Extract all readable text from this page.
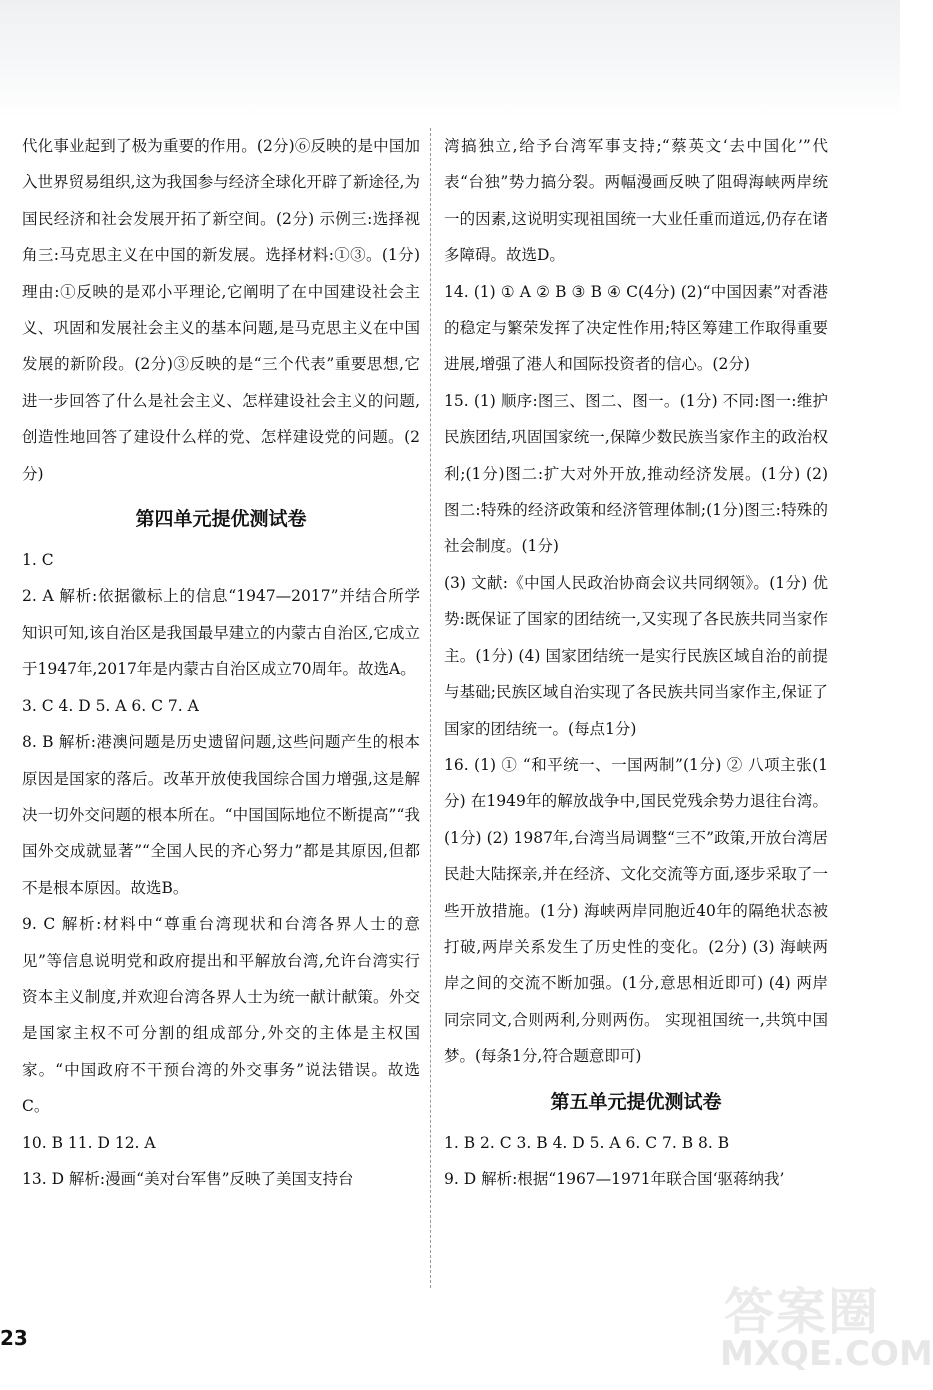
代化事业起到了极为重要的作用。(2分)⑥反映的是中国加入世界贸易组织,这为我国参与经济全球化开辟了新途径,为国民经济和社会发展开拓了新空间。(2分) 示例三:选择视角三:马克思主义在中国的新发展。选择材料:①③。(1分)理由:①反映的是邓小平理论,它阐明了在中国建设社会主义、巩固和发展社会主义的基本问题,是马克思主义在中国发展的新阶段。(2分)③反映的是“三个代表”重要思想,它进一步回答了什么是社会主义、怎样建设社会主义的问题,创造性地回答了建设什么样的党、怎样建设党的问题。(2分)

第四单元提优测试卷

1. C

2. A 解析:依据徽标上的信息“1947—2017”并结合所学知识可知,该自治区是我国最早建立的内蒙古自治区,它成立于1947年,2017年是内蒙古自治区成立70周年。故选A。

3. C 4. D 5. A 6. C 7. A

8. B 解析:港澳问题是历史遗留问题,这些问题产生的根本原因是国家的落后。改革开放使我国综合国力增强,这是解决一切外交问题的根本所在。“中国国际地位不断提高”“我国外交成就显著”“全国人民的齐心努力”都是其原因,但都不是根本原因。故选B。

9. C 解析:材料中“尊重台湾现状和台湾各界人士的意见”等信息说明党和政府提出和平解放台湾,允许台湾实行资本主义制度,并欢迎台湾各界人士为统一献计献策。外交是国家主权不可分割的组成部分,外交的主体是主权国家。“中国政府不干预台湾的外交事务”说法错误。故选C。

10. B 11. D 12. A

13. D 解析:漫画“美对台军售”反映了美国支持台

湾搞独立,给予台湾军事支持;“蔡英文‘去中国化’”代表“台独”势力搞分裂。两幅漫画反映了阻碍海峡两岸统一的因素,这说明实现祖国统一大业任重而道远,仍存在诸多障碍。故选D。

14. (1) ① A ② B ③ B ④ C(4分) (2)“中国因素”对香港的稳定与繁荣发挥了决定性作用;特区筹建工作取得重要进展,增强了港人和国际投资者的信心。(2分)

15. (1) 顺序:图三、图二、图一。(1分) 不同:图一:维护民族团结,巩固国家统一,保障少数民族当家作主的政治权利;(1分)图二:扩大对外开放,推动经济发展。(1分) (2) 图二:特殊的经济政策和经济管理体制;(1分)图三:特殊的社会制度。(1分)

(3) 文献:《中国人民政治协商会议共同纲领》。(1分) 优势:既保证了国家的团结统一,又实现了各民族共同当家作主。(1分) (4) 国家团结统一是实行民族区域自治的前提与基础;民族区域自治实现了各民族共同当家作主,保证了国家的团结统一。(每点1分)

16. (1) ① “和平统一、一国两制”(1分) ② 八项主张(1分) 在1949年的解放战争中,国民党残余势力退往台湾。(1分) (2) 1987年,台湾当局调整“三不”政策,开放台湾居民赴大陆探亲,并在经济、文化交流等方面,逐步采取了一些开放措施。(1分) 海峡两岸同胞近40年的隔绝状态被打破,两岸关系发生了历史性的变化。(2分) (3) 海峡两岸之间的交流不断加强。(1分,意思相近即可) (4) 两岸同宗同文,合则两利,分则两伤。 实现祖国统一,共筑中国梦。(每条1分,符合题意即可)

第五单元提优测试卷

1. B 2. C 3. B 4. D 5. A 6. C 7. B 8. B

9. D 解析:根据“1967—1971年联合国‘驱蒋纳我’

23	答案圈
MXQE.COM
